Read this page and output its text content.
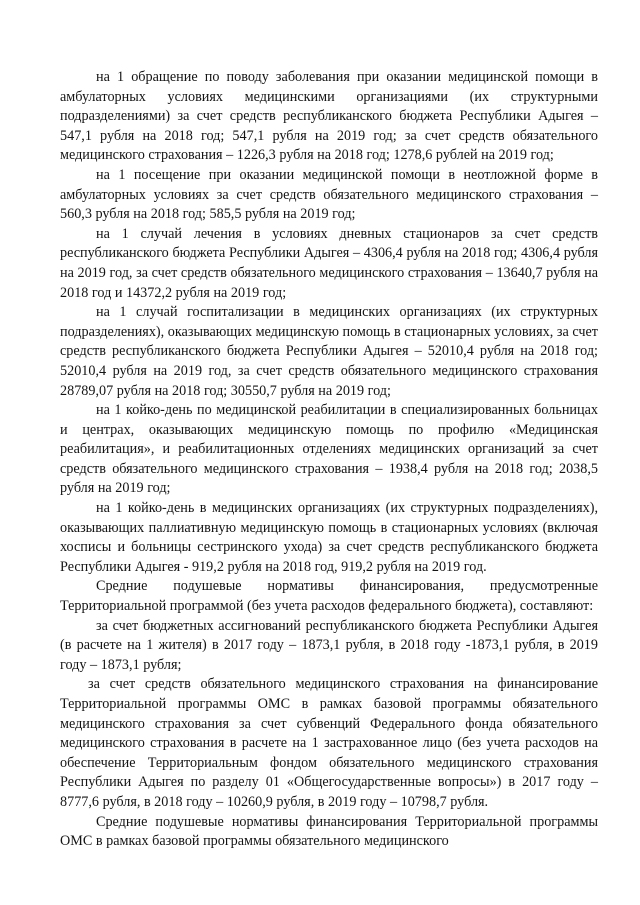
на 1 обращение по поводу заболевания при оказании медицинской помощи в амбулаторных условиях медицинскими организациями (их структурными подразделениями) за счет средств республиканского бюджета Республики Адыгея – 547,1 рубля на 2018 год; 547,1 рубля на 2019 год; за счет средств обязательного медицинского страхования – 1226,3 рубля на 2018 год; 1278,6 рублей на 2019 год;

на 1 посещение при оказании медицинской помощи в неотложной форме в амбулаторных условиях за счет средств обязательного медицинского страхования – 560,3 рубля на 2018 год; 585,5 рубля на 2019 год;

на 1 случай лечения в условиях дневных стационаров за счет средств республиканского бюджета Республики Адыгея – 4306,4 рубля на 2018 год; 4306,4 рубля на 2019 год, за счет средств обязательного медицинского страхования – 13640,7 рубля на 2018 год и 14372,2 рубля на 2019 год;

на 1 случай госпитализации в медицинских организациях (их структурных подразделениях), оказывающих медицинскую помощь в стационарных условиях, за счет средств республиканского бюджета Республики Адыгея – 52010,4 рубля на 2018 год; 52010,4 рубля на 2019 год, за счет средств обязательного медицинского страхования 28789,07 рубля на 2018 год; 30550,7 рубля на 2019 год;

на 1 койко-день по медицинской реабилитации в специализированных больницах и центрах, оказывающих медицинскую помощь по профилю «Медицинская реабилитация», и реабилитационных отделениях медицинских организаций за счет средств обязательного медицинского страхования – 1938,4 рубля на 2018 год; 2038,5 рубля на 2019 год;

на 1 койко-день в медицинских организациях (их структурных подразделениях), оказывающих паллиативную медицинскую помощь в стационарных условиях (включая хосписы и больницы сестринского ухода) за счет средств республиканского бюджета Республики Адыгея - 919,2 рубля на 2018 год, 919,2 рубля на 2019 год.

Средние подушевые нормативы финансирования, предусмотренные Территориальной программой (без учета расходов федерального бюджета), составляют:

за счет бюджетных ассигнований республиканского бюджета Республики Адыгея (в расчете на 1 жителя) в 2017 году – 1873,1 рубля, в 2018 году -1873,1 рубля, в 2019 году – 1873,1 рубля;

за счет средств обязательного медицинского страхования на финансирование Территориальной программы ОМС в рамках базовой программы обязательного медицинского страхования за счет субвенций Федерального фонда обязательного медицинского страхования в расчете на 1 застрахованное лицо (без учета расходов на обеспечение Территориальным фондом обязательного медицинского страхования Республики Адыгея по разделу 01 «Общегосударственные вопросы») в 2017 году – 8777,6 рубля, в 2018 году – 10260,9 рубля, в 2019 году – 10798,7 рубля.

Средние подушевые нормативы финансирования Территориальной программы ОМС в рамках базовой программы обязательного медицинского
